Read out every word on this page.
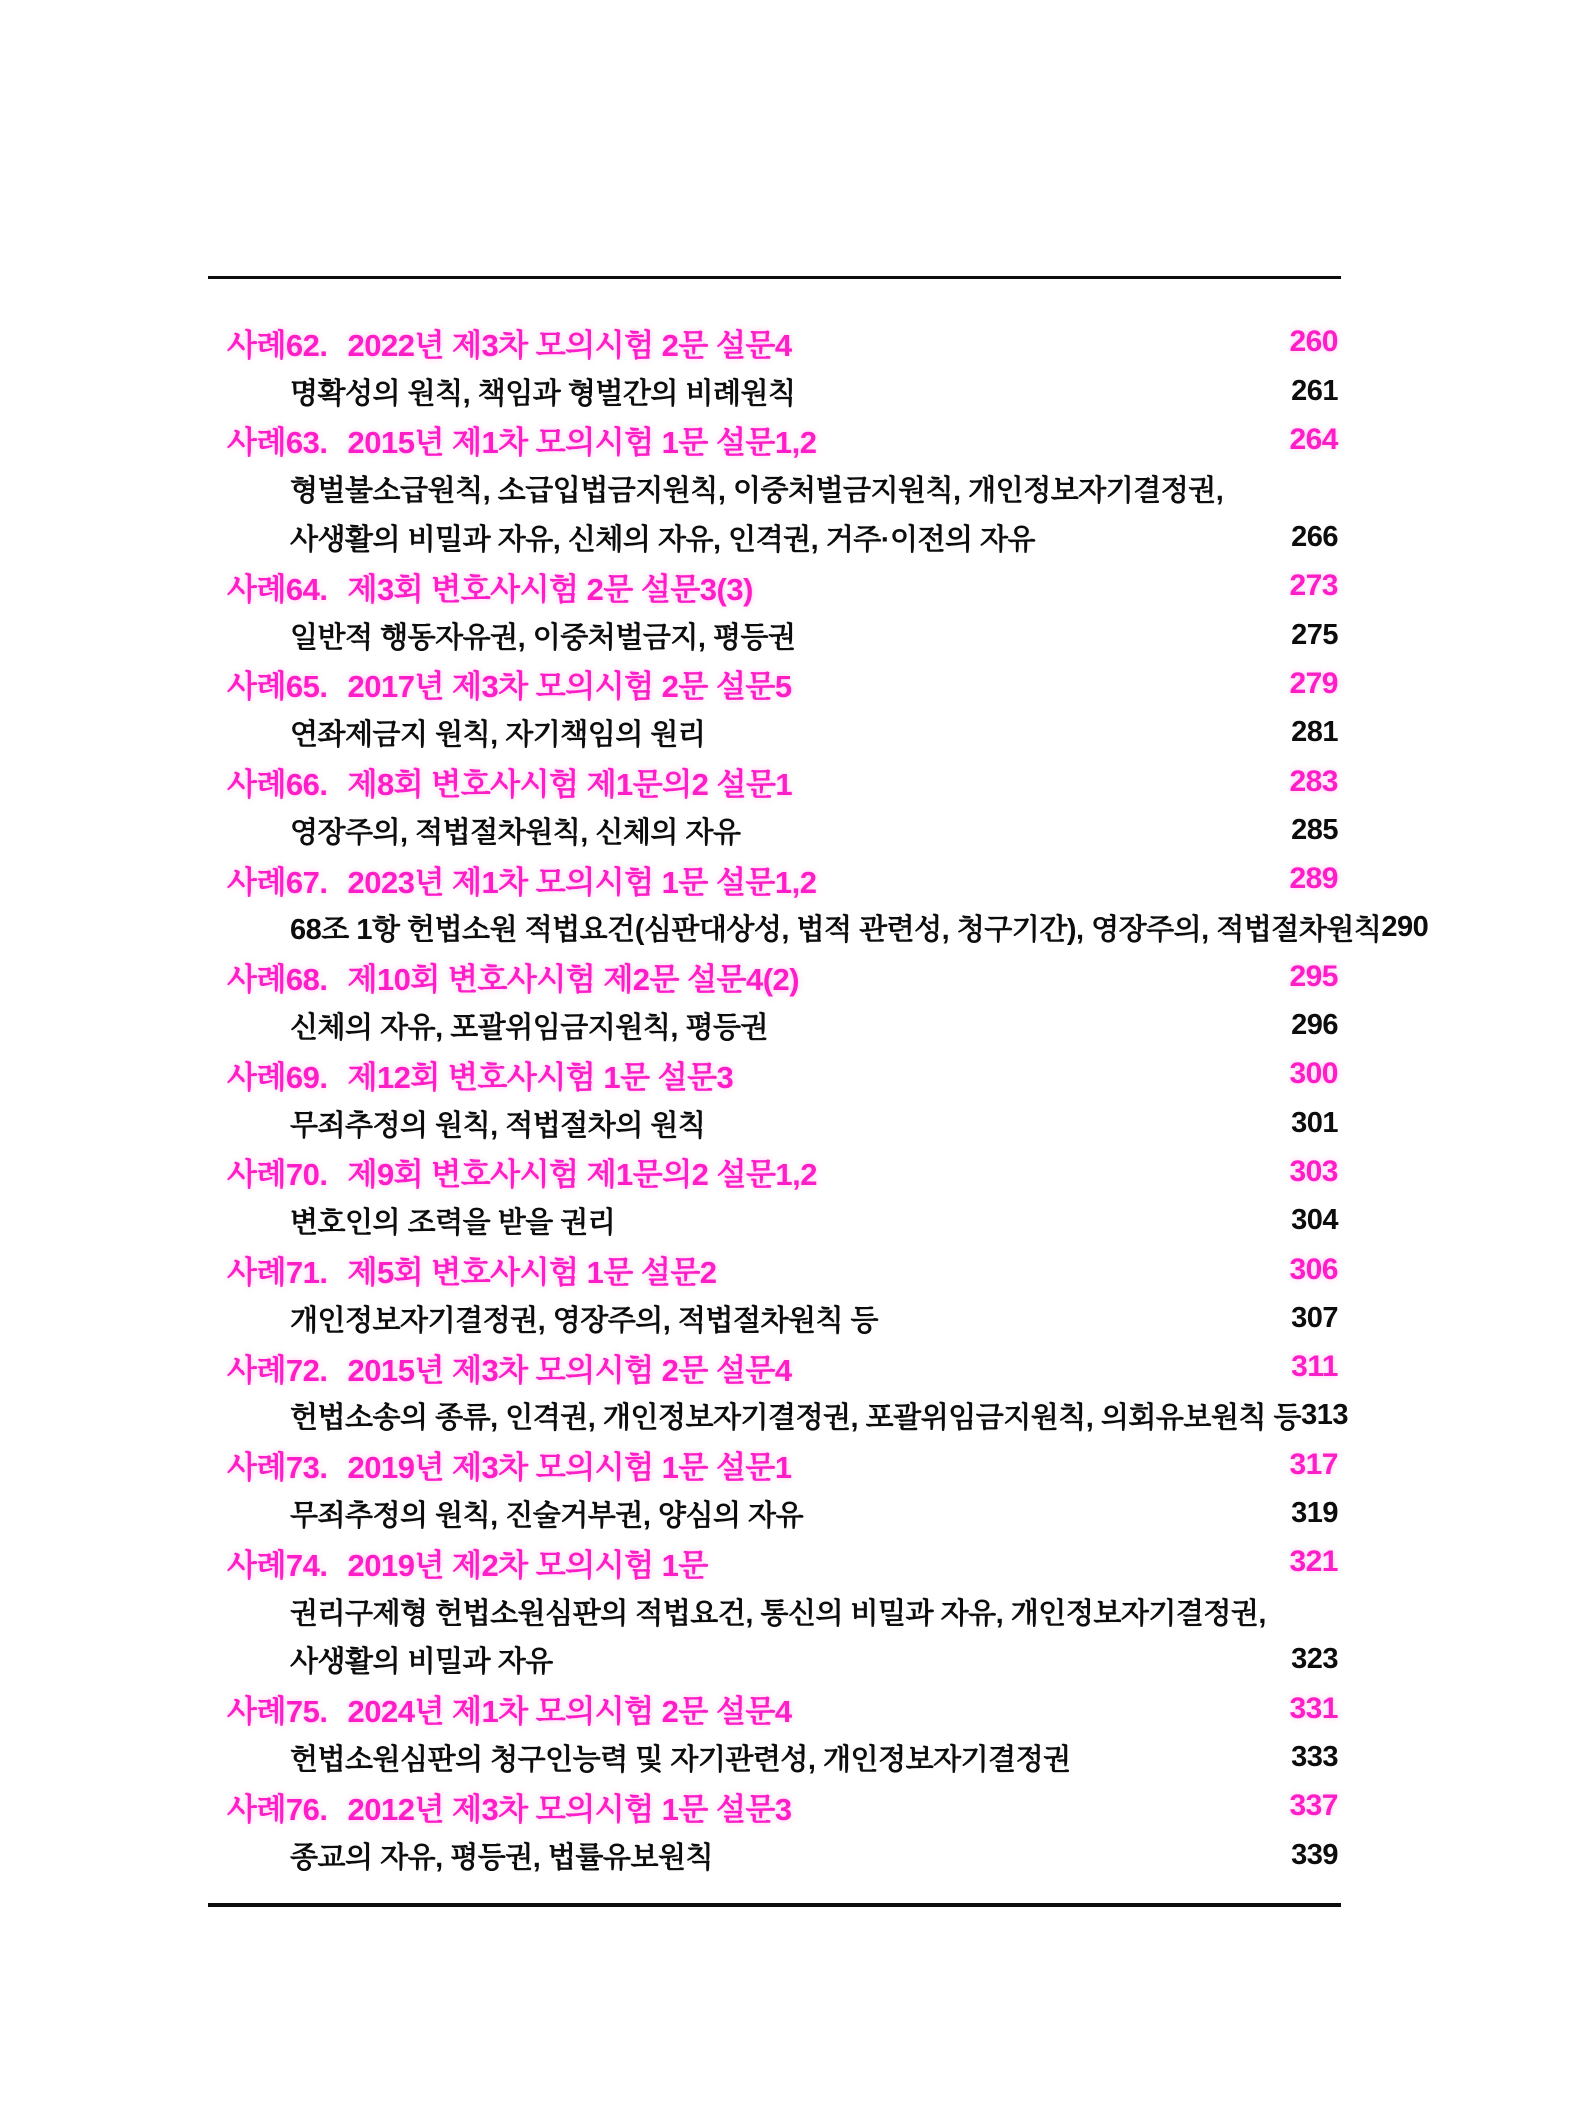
사례62. 2022년 제3차 모의시험 2문 설문4	260
명확성의 원칙, 책임과 형벌간의 비례원칙	261
사례63. 2015년 제1차 모의시험 1문 설문1,2	264
형벌불소급원칙, 소급입법금지원칙, 이중처벌금지원칙, 개인정보자기결정권,
사생활의 비밀과 자유, 신체의 자유, 인격권, 거주·이전의 자유	266
사례64. 제3회 변호사시험 2문 설문3(3)	273
일반적 행동자유권, 이중처벌금지, 평등권	275
사례65. 2017년 제3차 모의시험 2문 설문5	279
연좌제금지 원칙, 자기책임의 원리	281
사례66. 제8회 변호사시험 제1문의2 설문1	283
영장주의, 적법절차원칙, 신체의 자유	285
사례67. 2023년 제1차 모의시험 1문 설문1,2	289
68조 1항 헌법소원 적법요건(심판대상성, 법적 관련성, 청구기간), 영장주의, 적법절차원칙 290
사례68. 제10회 변호사시험 제2문 설문4(2)	295
신체의 자유, 포괄위임금지원칙, 평등권	296
사례69. 제12회 변호사시험 1문 설문3	300
무죄추정의 원칙, 적법절차의 원칙	301
사례70. 제9회 변호사시험 제1문의2 설문1,2	303
변호인의 조력을 받을 권리	304
사례71. 제5회 변호사시험 1문 설문2	306
개인정보자기결정권, 영장주의, 적법절차원칙 등	307
사례72. 2015년 제3차 모의시험 2문 설문4	311
헌법소송의 종류, 인격권, 개인정보자기결정권, 포괄위임금지원칙, 의회유보원칙 등 313
사례73. 2019년 제3차 모의시험 1문 설문1	317
무죄추정의 원칙, 진술거부권, 양심의 자유	319
사례74. 2019년 제2차 모의시험 1문	321
권리구제형 헌법소원심판의 적법요건, 통신의 비밀과 자유, 개인정보자기결정권,
사생활의 비밀과 자유	323
사례75. 2024년 제1차 모의시험 2문 설문4	331
헌법소원심판의 청구인능력 및 자기관련성, 개인정보자기결정권	333
사례76. 2012년 제3차 모의시험 1문 설문3	337
종교의 자유, 평등권, 법률유보원칙	339
